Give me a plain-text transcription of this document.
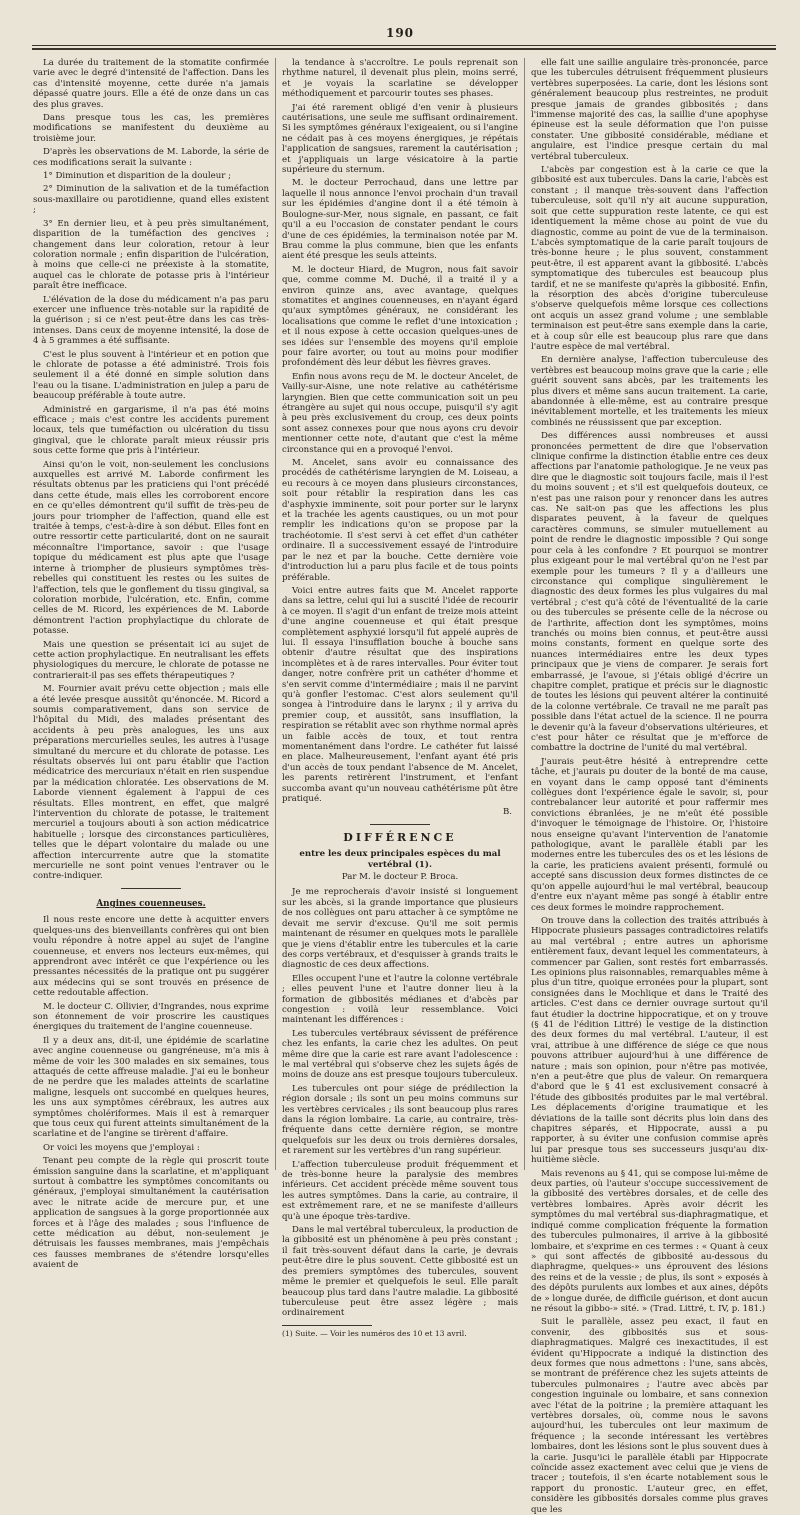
190

La durée du traitement de la stomatite confirmée varie avec le degré d'intensité de l'affection. Dans les cas d'intensité moyenne, cette durée n'a jamais dépassé quatre jours. Elle a été de onze dans un cas des plus graves.

Dans presque tous les cas, les premières modifications se manifestent du deuxième au troisième jour.

D'après les observations de M. Laborde, la série de ces modifications serait la suivante :

1° Diminution et disparition de la douleur ;

2° Diminution de la salivation et de la tuméfaction sous-maxillaire ou parotidienne, quand elles existent ;

3° En dernier lieu, et à peu près simultanément, disparition de la tuméfaction des gencives ; changement dans leur coloration, retour à leur coloration normale ; enfin disparition de l'ulcération, à moins que celle-ci ne préexiste à la stomatite, auquel cas le chlorate de potasse pris à l'intérieur paraît être inefficace.

L'élévation de la dose du médicament n'a pas paru exercer une influence très-notable sur la rapidité de la guérison ; si ce n'est peut-être dans les cas très-intenses. Dans ceux de moyenne intensité, la dose de 4 à 5 grammes a été suffisante.

C'est le plus souvent à l'intérieur et en potion que le chlorate de potasse a été administré. Trois fois seulement il a été donné en simple solution dans l'eau ou la tisane. L'administration en julep a paru de beaucoup préférable à toute autre.

Administré en gargarisme, il n'a pas été moins efficace ; mais c'est contre les accidents purement locaux, tels que tuméfaction ou ulcération du tissu gingival, que le chlorate paraît mieux réussir pris sous cette forme que pris à l'intérieur.

Ainsi qu'on le voit, non-seulement les conclusions auxquelles est arrivé M. Laborde confirment les résultats obtenus par les praticiens qui l'ont précédé dans cette étude, mais elles les corroborent encore en ce qu'elles démontrent qu'il suffit de très-peu de jours pour triompher de l'affection, quand elle est traitée à temps, c'est-à-dire à son début. Elles font en outre ressortir cette particularité, dont on ne saurait méconnaître l'importance, savoir : que l'usage topique du médicament est plus apte que l'usage interne à triompher de plusieurs symptômes très-rebelles qui constituent les restes ou les suites de l'affection, tels que le gonflement du tissu gingival, sa coloration morbide, l'ulcération, etc. Enfin, comme celles de M. Ricord, les expériences de M. Laborde démontrent l'action prophylactique du chlorate de potasse.

Mais une question se présentait ici au sujet de cette action prophylactique. En neutralisant les effets physiologiques du mercure, le chlorate de potasse ne contrarierait-il pas ses effets thérapeutiques ?

M. Fournier avait prévu cette objection ; mais elle a été levée presque aussitôt qu'énoncée. M. Ricord a soumis comparativement, dans son service de l'hôpital du Midi, des malades présentant des accidents à peu près analogues, les uns aux préparations mercurielles seules, les autres à l'usage simultané du mercure et du chlorate de potasse. Les résultats observés lui ont paru établir que l'action médicatrice des mercuriaux n'était en rien suspendue par la médication chloratée. Les observations de M. Laborde viennent également à l'appui de ces résultats. Elles montrent, en effet, que malgré l'intervention du chlorate de potasse, le traitement mercuriel a toujours abouti à son action médicatrice habituelle ; lorsque des circonstances particulières, telles que le départ volontaire du malade ou une affection intercurrente autre que la stomatite mercurielle ne sont point venues l'entraver ou le contre-indiquer.

Angines couenneuses.

Il nous reste encore une dette à acquitter envers quelques-uns des bienveillants confrères qui ont bien voulu répondre à notre appel au sujet de l'angine couenneuse, et envers nos lecteurs eux-mêmes, qui apprendront avec intérêt ce que l'expérience ou les pressantes nécessités de la pratique ont pu suggérer aux médecins qui se sont trouvés en présence de cette redoutable affection.

M. le docteur C. Ollivier, d'Ingrandes, nous exprime son étonnement de voir proscrire les caustiques énergiques du traitement de l'angine couenneuse.

Il y a deux ans, dit-il, une épidémie de scarlatine avec angine couenneuse ou gangréneuse, m'a mis à même de voir les 300 malades en six semaines, tous attaqués de cette affreuse maladie. J'ai eu le bonheur de ne perdre que les malades atteints de scarlatine maligne, lesquels ont succombé en quelques heures, les uns aux symptômes cérébraux, les autres aux symptômes cholériformes. Mais il est à remarquer que tous ceux qui furent atteints simultanément de la scarlatine et de l'angine se tirèrent d'affaire.

Or voici les moyens que j'employai :

Tenant peu compte de la règle qui proscrit toute émission sanguine dans la scarlatine, et m'appliquant surtout à combattre les symptômes concomitants ou généraux, j'employai simultanément la cautérisation avec le nitrate acide de mercure pur, et une application de sangsues à la gorge proportionnée aux forces et à l'âge des malades ; sous l'influence de cette médication au début, non-seulement je détruisais les fausses membranes, mais j'empêchais ces fausses membranes de s'étendre lorsqu'elles avaient de

la tendance à s'accroître. Le pouls reprenait son rhythme naturel, il devenait plus plein, moins serré, et je voyais la scarlatine se développer méthodiquement et parcourir toutes ses phases.

J'ai été rarement obligé d'en venir à plusieurs cautérisations, une seule me suffisant ordinairement. Si les symptômes généraux l'exigeaient, ou si l'angine ne cédait pas à ces moyens énergiques, je répétais l'application de sangsues, rarement la cautérisation ; et j'appliquais un large vésicatoire à la partie supérieure du sternum.

M. le docteur Perrochaud, dans une lettre par laquelle il nous annonce l'envoi prochain d'un travail sur les épidémies d'angine dont il a été témoin à Boulogne-sur-Mer, nous signale, en passant, ce fait qu'il a eu l'occasion de constater pendant le cours d'une de ces épidémies, la terminaison notée par M. Brau comme la plus commune, bien que les enfants aient été presque les seuls atteints.

M. le docteur Hiard, de Mugron, nous fait savoir que, comme comme M. Duché, il a traité il y a environ quinze ans, avec avantage, quelques stomatites et angines couenneuses, en n'ayant égard qu'aux symptômes généraux, ne considérant les localisations que comme le reflet d'une intoxication ; et il nous expose à cette occasion quelques-unes de ses idées sur l'ensemble des moyens qu'il emploie pour faire avorter, ou tout au moins pour modifier profondément dès leur début les fièvres graves.

Enfin nous avons reçu de M. le docteur Ancelet, de Vailly-sur-Aisne, une note relative au cathétérisme laryngien. Bien que cette communication soit un peu étrangère au sujet qui nous occupe, puisqu'il s'y agit à peu près exclusivement du croup, ces deux points sont assez connexes pour que nous ayons cru devoir mentionner cette note, d'autant que c'est la même circonstance qui en a provoqué l'envoi.

M. Ancelet, sans avoir eu connaissance des procédés de cathétérisme laryngien de M. Loiseau, a eu recours à ce moyen dans plusieurs circonstances, soit pour rétablir la respiration dans les cas d'asphyxie imminente, soit pour porter sur le larynx et la trachée les agents caustiques, ou un mot pour remplir les indications qu'on se propose par la trachéotomie. Il s'est servi à cet effet d'un cathéter ordinaire. Il a successivement essayé de l'introduire par le nez et par la bouche. Cette dernière voie d'introduction lui a paru plus facile et de tous points préférable.

Voici entre autres faits que M. Ancelet rapporte dans sa lettre, celui qui lui a suscité l'idée de recourir à ce moyen. Il s'agit d'un enfant de treize mois atteint d'une angine couenneuse et qui était presque complètement asphyxié lorsqu'il fut appelé auprès de lui. Il essaya l'insufflation bouche à bouche sans obtenir d'autre résultat que des inspirations incomplètes et à de rares intervalles. Pour éviter tout danger, notre confrère prit un cathéter d'homme et s'en servit comme d'intermédiaire ; mais il ne parvint qu'à gonfler l'estomac. C'est alors seulement qu'il songea à l'introduire dans le larynx ; il y arriva du premier coup, et aussitôt, sans insufflation, la respiration se rétablit avec son rhythme normal après un faible accès de toux, et tout rentra momentanément dans l'ordre. Le cathéter fut laissé en place. Malheureusement, l'enfant ayant été pris d'un accès de toux pendant l'absence de M. Ancelet, les parents retirèrent l'instrument, et l'enfant succomba avant qu'un nouveau cathétérisme pût être pratiqué.

B.
DIFFÉRENCE
entre les deux principales espèces du mal vertébral (1).
Par M. le docteur P. Broca.

Je me reprocherais d'avoir insisté si longuement sur les abcès, si la grande importance que plusieurs de nos collègues ont paru attacher à ce symptôme ne devait me servir d'excuse. Qu'il me soit permis maintenant de résumer en quelques mots le parallèle que je viens d'établir entre les tubercules et la carie des corps vertébraux, et d'esquisser à grands traits le diagnostic de ces deux affections.

Elles occupent l'une et l'autre la colonne vertébrale ; elles peuvent l'une et l'autre donner lieu à la formation de gibbosités médianes et d'abcès par congestion : voilà leur ressemblance. Voici maintenant les différences :

Les tubercules vertébraux sévissent de préférence chez les enfants, la carie chez les adultes. On peut même dire que la carie est rare avant l'adolescence : le mal vertébral qui s'observe chez les sujets âgés de moins de douze ans est presque toujours tuberculeux.

Les tubercules ont pour siége de prédilection la région dorsale ; ils sont un peu moins communs sur les vertèbres cervicales ; ils sont beaucoup plus rares dans la région lombaire. La carie, au contraire, très-fréquente dans cette dernière région, se montre quelquefois sur les deux ou trois dernières dorsales, et rarement sur les vertèbres d'un rang supérieur.

L'affection tuberculeuse produit fréquemment et de très-bonne heure la paralysie des membres inférieurs. Cet accident précède même souvent tous les autres symptômes. Dans la carie, au contraire, il est extrêmement rare, et ne se manifeste d'ailleurs qu'à une époque très-tardive.

Dans le mal vertébral tuberculeux, la production de la gibbosité est un phénomène à peu près constant ; il fait très-souvent défaut dans la carie, je devrais peut-être dire le plus souvent. Cette gibbosité est un des premiers symptômes des tubercules, souvent même le premier et quelquefois le seul. Elle paraît beaucoup plus tard dans l'autre maladie. La gibbosité tuberculeuse peut être assez légère ; mais ordinairement

(1) Suite. — Voir les numéros des 10 et 13 avril.

elle fait une saillie angulaire très-prononcée, parce que les tubercules détruisent fréquemment plusieurs vertèbres superposées. La carie, dont les lésions sont généralement beaucoup plus restreintes, ne produit presque jamais de grandes gibbosités ; dans l'immense majorité des cas, la saillie d'une apophyse épineuse est la seule déformation que l'on puisse constater. Une gibbosité considérable, médiane et angulaire, est l'indice presque certain du mal vertébral tuberculeux.

L'abcès par congestion est à la carie ce que la gibbosité est aux tubercules. Dans la carie, l'abcès est constant ; il manque très-souvent dans l'affection tuberculeuse, soit qu'il n'y ait aucune suppuration, soit que cette suppuration reste latente, ce qui est identiquement la même chose au point de vue du diagnostic, comme au point de vue de la terminaison. L'abcès symptomatique de la carie paraît toujours de très-bonne heure ; le plus souvent, constamment peut-être, il est apparent avant la gibbosité. L'abcès symptomatique des tubercules est beaucoup plus tardif, et ne se manifeste qu'après la gibbosité. Enfin, la résorption des abcès d'origine tuberculeuse s'observe quelquefois même lorsque ces collections ont acquis un assez grand volume ; une semblable terminaison est peut-être sans exemple dans la carie, et à coup sûr elle est beaucoup plus rare que dans l'autre espèce de mal vertébral.

En dernière analyse, l'affection tuberculeuse des vertèbres est beaucoup moins grave que la carie ; elle guérit souvent sans abcès, par les traitements les plus divers et même sans aucun traitement. La carie, abandonnée à elle-même, est au contraire presque inévitablement mortelle, et les traitements les mieux combinés ne réussissent que par exception.

Des différences aussi nombreuses et aussi prononcées permettent de dire que l'observation clinique confirme la distinction établie entre ces deux affections par l'anatomie pathologique. Je ne veux pas dire que le diagnostic soit toujours facile, mais il l'est du moins souvent ; et s'il est quelquefois douteux, ce n'est pas une raison pour y renoncer dans les autres cas. Ne sait-on pas que les affections les plus disparates peuvent, à la faveur de quelques caractères communs, se simuler mutuellement au point de rendre le diagnostic impossible ? Qui songe pour cela à les confondre ? Et pourquoi se montrer plus exigeant pour le mal vertébral qu'on ne l'est par exemple pour les tumeurs ? Il y a d'ailleurs une circonstance qui complique singulièrement le diagnostic des deux formes les plus vulgaires du mal vertébral ; c'est qu'à côté de l'éventualité de la carie ou des tubercules se présente celle de la nécrose ou de l'arthrite, affection dont les symptômes, moins tranchés ou moins bien connus, et peut-être aussi moins constants, forment en quelque sorte des nuances intermédiaires entre les deux types principaux que je viens de comparer. Je serais fort embarrassé, je l'avoue, si j'étais obligé d'écrire un chapitre complet, pratique et précis sur le diagnostic de toutes les lésions qui peuvent altérer la continuité de la colonne vertébrale. Ce travail ne me paraît pas possible dans l'état actuel de la science. Il ne pourra le devenir qu'à la faveur d'observations ultérieures, et c'est pour hâter ce résultat que je m'efforce de combattre la doctrine de l'unité du mal vertébral.

J'aurais peut-être hésité à entreprendre cette tâche, et j'aurais pu douter de la bonté de ma cause, en voyant dans le camp opposé tant d'éminents collègues dont l'expérience égale le savoir, si, pour contrebalancer leur autorité et pour raffermir mes convictions ébranlées, je ne m'eût été possible d'invoquer le témoignage de l'histoire. Or, l'histoire nous enseigne qu'avant l'intervention de l'anatomie pathologique, avant le parallèle établi par les modernes entre les tubercules des os et les lésions de la carie, les praticiens avaient présenti, formulé ou accepté sans discussion deux formes distinctes de ce qu'on appelle aujourd'hui le mal vertébral, beaucoup d'entre eux n'ayant même pas songé à établir entre ces deux formes le moindre rapprochement.

On trouve dans la collection des traités attribués à Hippocrate plusieurs passages contradictoires relatifs au mal vertébral ; entre autres un aphorisme entièrement faux, devant lequel les commentateurs, à commencer par Galien, sont restés fort embarrassés. Les opinions plus raisonnables, remarquables même à plus d'un titre, quoique erronées pour la plupart, sont consignées dans le Mochlique et dans le Traité des articles. C'est dans ce dernier ouvrage surtout qu'il faut étudier la doctrine hippocratique, et on y trouve (§ 41 de l'édition Littré) le vestige de la distinction des deux formes du mal vertébral. L'auteur, il est vrai, attribue à une différence de siége ce que nous pouvons attribuer aujourd'hui à une différence de nature ; mais son opinion, pour n'être pas motivée, n'en a peut-être que plus de valeur. On remarquera d'abord que le § 41 est exclusivement consacré à l'étude des gibbosités produites par le mal vertébral. Les déplacements d'origine traumatique et les déviations de la taille sont décrits plus loin dans des chapitres séparés, et Hippocrate, aussi a pu rapporter, à su éviter une confusion commise après lui par presque tous ses successeurs jusqu'au dix-huitième siècle.

Mais revenons au § 41, qui se compose lui-même de deux parties, où l'auteur s'occupe successivement de la gibbosité des vertèbres dorsales, et de celle des vertèbres lombaires. Après avoir décrit les symptômes du mal vertébral sus-diaphragmatique, et indiqué comme complication fréquente la formation des tubercules pulmonaires, il arrive à la gibbosité lombaire, et s'exprime en ces termes : « Quant à ceux » qui sont affectés de gibbosité au-dessous du diaphragme, quelques-» uns éprouvent des lésions des reins et de la vessie ; de plus, ils sont » exposés à des dépôts purulents aux lombes et aux aines, dépôts de » longue durée, de difficile guérison, et dont aucun ne résout la gibbo-» sité. » (Trad. Littré, t. IV, p. 181.)

Suit le parallèle, assez peu exact, il faut en convenir, des gibbosités sus et sous-diaphragmatiques. Malgré ces inexactitudes, il est évident qu'Hippocrate a indiqué la distinction des deux formes que nous admettons : l'une, sans abcès, se montrant de préférence chez les sujets atteints de tubercules pulmonaires ; l'autre avec abcès par congestion inguinale ou lombaire, et sans connexion avec l'état de la poitrine ; la première attaquant les vertèbres dorsales, où, comme nous le savons aujourd'hui, les tubercules ont leur maximum de fréquence ; la seconde intéressant les vertèbres lombaires, dont les lésions sont le plus souvent dues à la carie. Jusqu'ici le parallèle établi par Hippocrate coïncide assez exactement avec celui que je viens de tracer ; toutefois, il s'en écarte notablement sous le rapport du pronostic. L'auteur grec, en effet, considère les gibbosités dorsales comme plus graves que les
